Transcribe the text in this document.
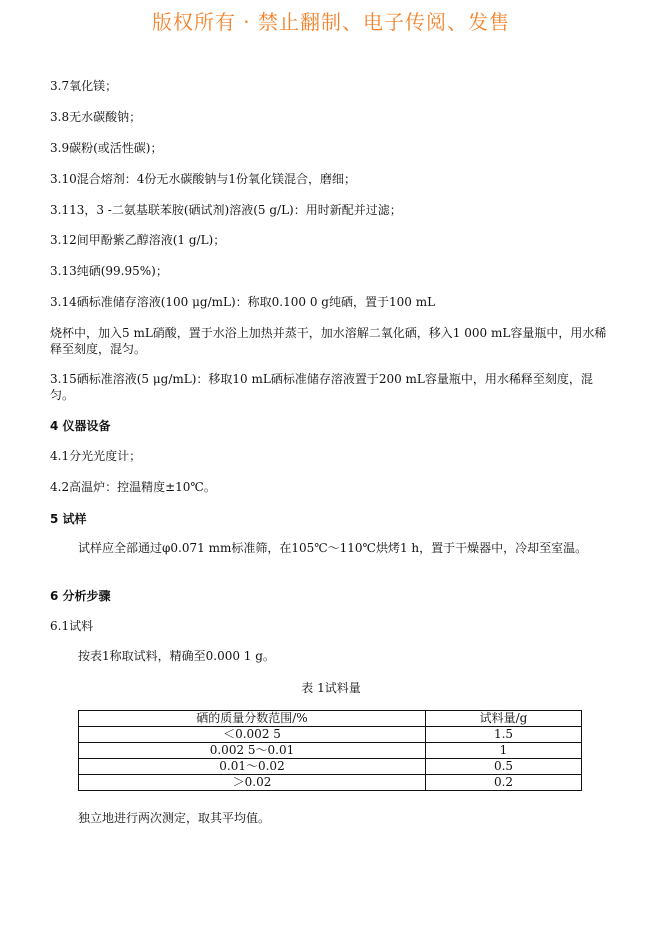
版权所有 · 禁止翻制、电子传阅、发售
3.7氧化镁；
3.8无水碳酸钠；
3.9碳粉(或活性碳)；
3.10混合熔剂：4份无水碳酸钠与1份氧化镁混合，磨细；
3.113，3 -二氨基联苯胺(硒试剂)溶液(5 g/L)：用时新配并过滤；
3.12间甲酚紫乙醇溶液(1 g/L)；
3.13纯硒(99.95%)；
3.14硒标准储存溶液(100 μg/mL)：称取0.100 0 g纯硒，置于100 mL
烧杯中，加入5 mL硝酸，置于水浴上加热并蒸干，加水溶解二氧化硒，移入1 000 mL容量瓶中，用水稀释至刻度，混匀。
3.15硒标准溶液(5 μg/mL)：移取10 mL硒标准储存溶液置于200 mL容量瓶中，用水稀释至刻度，混匀。
4 仪器设备
4.1分光光度计；
4.2高温炉：控温精度±10℃。
5 试样
试样应全部通过φ0.071 mm标准筛，在105℃～110℃烘烤1 h，置于干燥器中，冷却至室温。
6 分析步骤
6.1试料
按表1称取试料，精确至0.000 1 g。
表 1试料量
硒的质量分数范围/%	试料量/g
＜0.002 5	1.5
0.002 5～0.01	1
0.01～0.02	0.5
＞0.02	0.2
独立地进行两次测定，取其平均值。
